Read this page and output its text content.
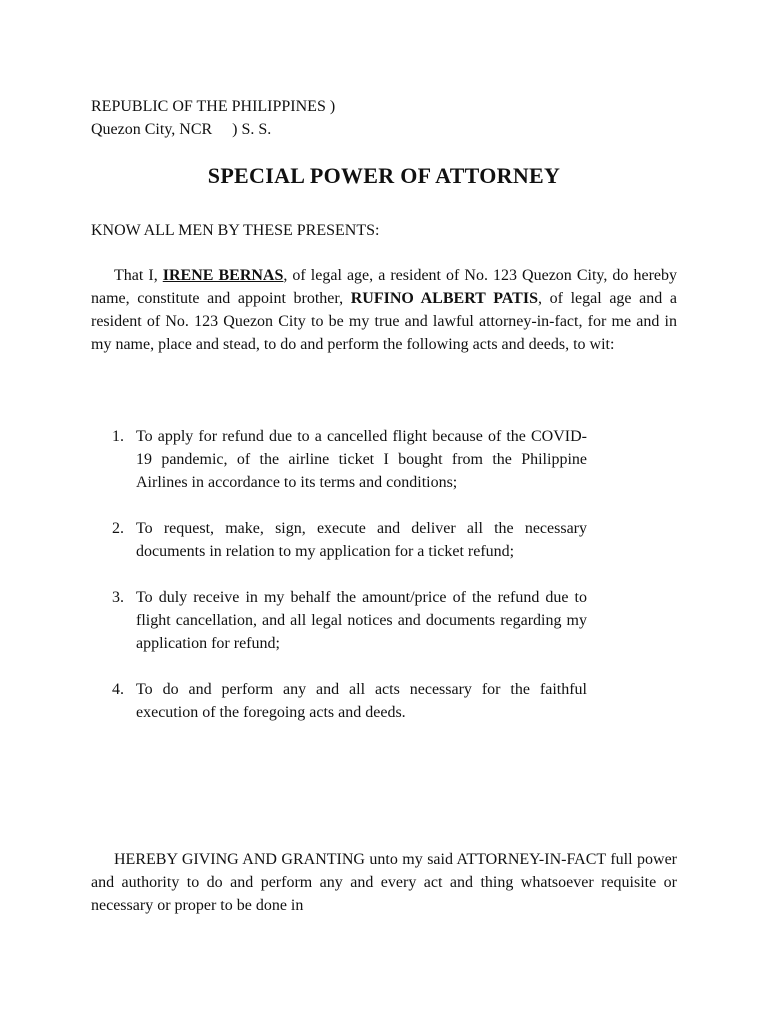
REPUBLIC OF THE PHILIPPINES )
Quezon City, NCR     ) S. S.
SPECIAL POWER OF ATTORNEY
KNOW ALL MEN BY THESE PRESENTS:
That I, IRENE BERNAS, of legal age, a resident of No. 123 Quezon City, do hereby name, constitute and appoint brother, RUFINO ALBERT PATIS, of legal age and a resident of No. 123 Quezon City to be my true and lawful attorney-in-fact, for me and in my name, place and stead, to do and perform the following acts and deeds, to wit:
1. To apply for refund due to a cancelled flight because of the COVID-19 pandemic, of the airline ticket I bought from the Philippine Airlines in accordance to its terms and conditions;
2. To request, make, sign, execute and deliver all the necessary documents in relation to my application for a ticket refund;
3. To duly receive in my behalf the amount/price of the refund due to flight cancellation, and all legal notices and documents regarding my application for refund;
4. To do and perform any and all acts necessary for the faithful execution of the foregoing acts and deeds.
HEREBY GIVING AND GRANTING unto my said ATTORNEY-IN-FACT full power and authority to do and perform any and every act and thing whatsoever requisite or necessary or proper to be done in
